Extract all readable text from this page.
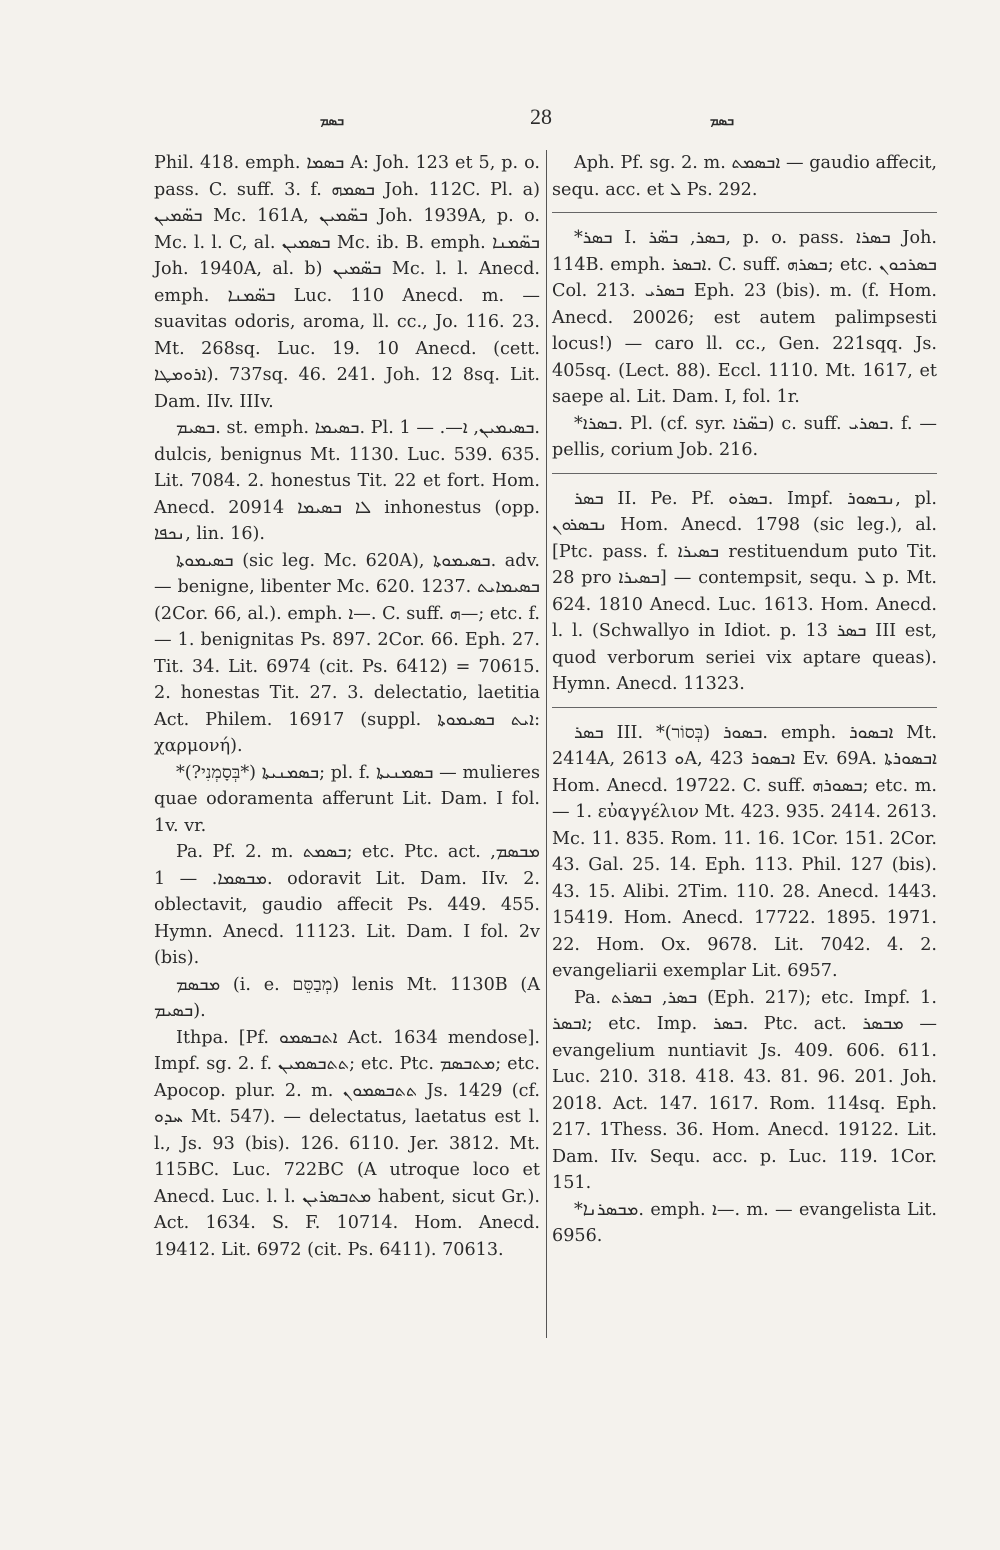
ܒܣܡ	28	ܒܣܡ

Phil. 418. emph. ܒܣܡܐ A: Joh. 123 et 5, p. o. pass. C. suff. 3. f. ܒܣܡܗ Joh. 112C. Pl. a) ܒܣ̈ܡܝܢ Mc. 161A, ܒܣ̈ܡܝܢ Joh. 1939A, p. o. Mc. l. l. C, al. ܒܣܡܝܢ Mc. ib. B. emph. ܒܣ̈ܡܢܐ Joh. 1940A, al. b) ܒܣ̈ܡܝܢ Mc. l. l. Anecd. emph. ܒܣ̈ܡܢܐ Luc. 110 Anecd. m. — suavitas odoris, aroma, ll. cc., Jo. 116. 23. Mt. 268sq. Luc. 19. 10 Anecd. (cett. ܐܪܘܡܛܐ). 737sq. 46. 241. Joh. 12 8sq. Lit. Dam. IIv. IIIv.

ܒܣܝܡ. st. emph. ܒܣܝܡܐ. Pl. ܒܣܝܡܝܢ, ܐ—. — 1. dulcis, benignus Mt. 1130. Luc. 539. 635. Lit. 7084. 2. honestus Tit. 22 et fort. Hom. Anecd. 20914 ܠܐ ܒܣܝܡܐ inhonestus (opp. ܢܟܦܐ, lin. 16).

ܒܣܝܡܘܬܐ (sic leg. Mc. 620A), ܒܣܝܡܘܬܐ. adv. — benigne, libenter Mc. 620. 1237. ܒܣܝܡܐܝܬ (2Cor. 66, al.). emph. ܐ—. C. suff. ܗ—; etc. f. — 1. benignitas Ps. 897. 2Cor. 66. Eph. 27. Tit. 34. Lit. 6974 (cit. Ps. 6412) = 70615. 2. honestas Tit. 27. 3. delectatio, laetitia Act. Philem. 16917 (suppl. ܐܝܬ ܒܣܝܡܘܬܐ: χαρμονή).

*ܒܣܡܢܝܬܐ (*בְּסָמְנִי?); pl. f. ܒܣܡܢܝܬܐ — mulieres quae odoramenta afferunt Lit. Dam. I fol. 1v. vr.

Pa. Pf. 2. m. ܒܣܡܬ; etc. Ptc. act. ܡܒܣܡ, ܡܒܣܡܐ. — 1. odoravit Lit. Dam. IIv. 2. oblectavit, gaudio affecit Ps. 449. 455. Hymn. Anecd. 11123. Lit. Dam. I fol. 2v (bis).

ܡܒܣܡ (i. e. מְבַסֵּם) lenis Mt. 1130B (A ܒܣܝܡ).

Ithpa. [Pf. ܐܬܒܣܡܘ Act. 1634 mendose]. Impf. sg. 2. f. ܬܬܒܣܡܝܢ; etc. Ptc. ܡܬܒܣܡ; etc. Apocop. plur. 2. m. ܬܬܒܣܡܘܢ Js. 1429 (cf. ܚܕܘ Mt. 547). — delectatus, laetatus est l. l., Js. 93 (bis). 126. 6110. Jer. 3812. Mt. 115BC. Luc. 722BC (A utroque loco et Anecd. Luc. l. l. ܡܬܒܣܪܝܢ habent, sicut Gr.). Act. 1634. S. F. 10714. Hom. Anecd. 19412. Lit. 6972 (cit. Ps. 6411). 70613.

Aph. Pf. sg. 2. m. ܐܒܣܡܬ — gaudio affecit, sequ. acc. et ܠ Ps. 292.

*ܒܣܪ I. ܒܣܪ, ܒܣ̈ܪ, p. o. pass. ܒܣܪܐ Joh. 114B. emph. ܐܒܣܪ. C. suff. ܒܣܪܗ; etc. ܒܣܪܟܘܢ Col. 213. ܒܣܪܝ Eph. 23 (bis). m. (f. Hom. Anecd. 20026; est autem palimpsesti locus!) — caro ll. cc., Gen. 221sqq. Js. 405sq. (Lect. 88). Eccl. 1110. Mt. 1617, et saepe al. Lit. Dam. I, fol. 1r.

*ܒܣܪܐ. Pl. (cf. syr. ܒܣ̈ܪܐ) c. suff. ܒܣܪܝ. f. — pellis, corium Job. 216.

ܒܣܪ II. Pe. Pf. ܒܣܪܘ. Impf. ܢܒܣܘܪ, pl. ܢܒܣܪܘܢ Hom. Anecd. 1798 (sic leg.), al. [Ptc. pass. f. ܒܣܝܪܐ restituendum puto Tit. 28 pro ܒܣܝܪܐ] — contempsit, sequ. ܠ p. Mt. 624. 1810 Anecd. Luc. 1613. Hom. Anecd. l. l. (Schwallyo in Idiot. p. 13 ܒܣܪ III est, quod verborum seriei vix aptare queas). Hymn. Anecd. 11323.

ܒܣܪ III. *ܒܣܘܪ (בְּסוֹר). emph. ܐܒܣܘܪ Mt. 2414A, ܘ 2613A, ܐܒܣܘܪ 423 Ev. 69A. ܐܒܣܘܪܬܐ Hom. Anecd. 19722. C. suff. ܒܣܘܪܗ; etc. m. — 1. εὐαγγέλιον Mt. 423. 935. 2414. 2613. Mc. 11. 835. Rom. 11. 16. 1Cor. 151. 2Cor. 43. Gal. 25. 14. Eph. 113. Phil. 127 (bis). 43. 15. Alibi. 2Tim. 110. 28. Anecd. 1443. 15419. Hom. Anecd. 17722. 1895. 1971. 22. Hom. Ox. 9678. Lit. 7042. 4. 2. evangeliarii exemplar Lit. 6957.

Pa. ܒܣܪ, ܒܣܪܬ (Eph. 217); etc. Impf. 1. ܐܒܣܪ; etc. Imp. ܒܣܪ. Ptc. act. ܡܒܣܪ — evangelium nuntiavit Js. 409. 606. 611. Luc. 210. 318. 418. 43. 81. 96. 201. Joh. 2018. Act. 147. 1617. Rom. 114sq. Eph. 217. 1Thess. 36. Hom. Anecd. 19122. Lit. Dam. IIv. Sequ. acc. p. Luc. 119. 1Cor. 151.

*ܡܒܣܪܢܐ. emph. ܐ—. m. — evangelista Lit. 6956.
